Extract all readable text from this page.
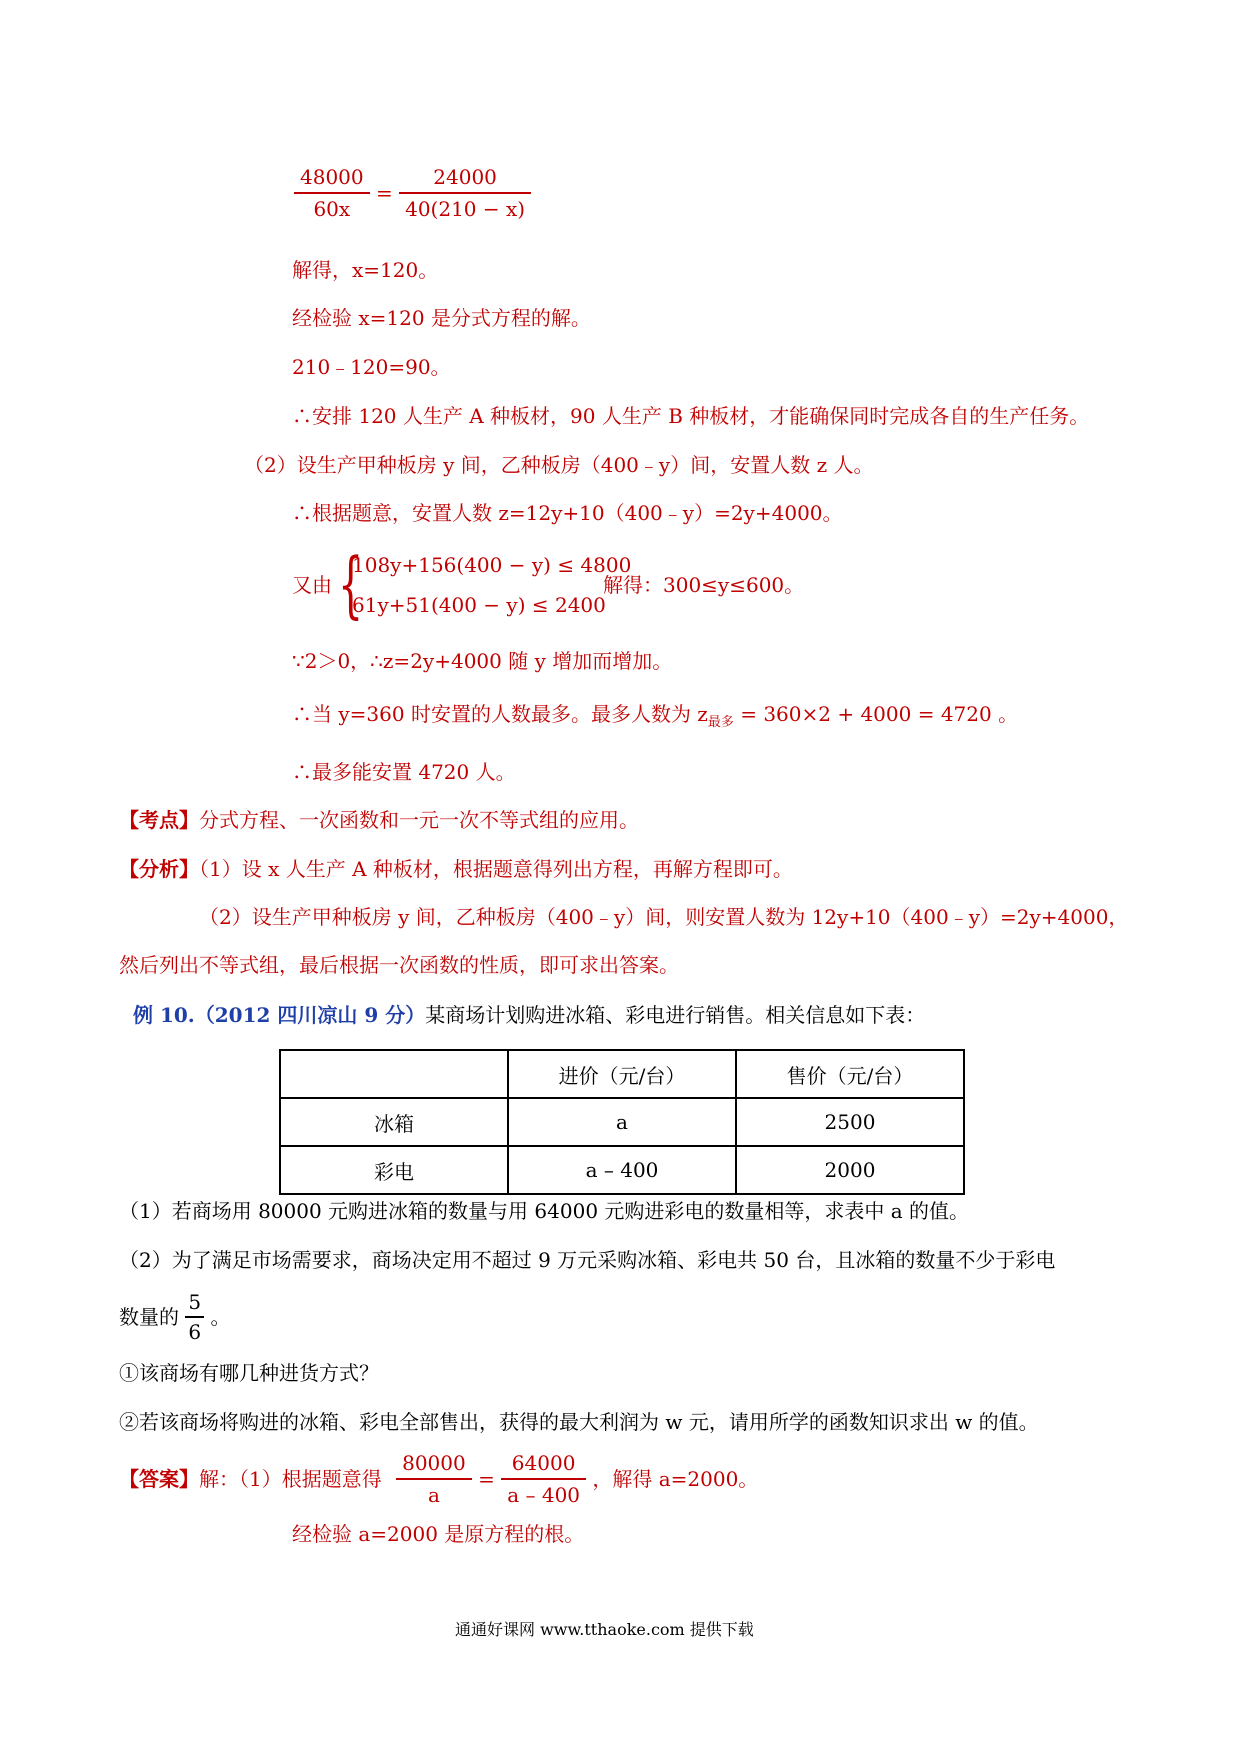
$\frac{48000}{60x} = \frac{24000}{40(210 - x)}$
解得，x=120。
经检验 x=120 是分式方程的解。
210﹣120=90。
∴安排 120 人生产 A 种板材，90 人生产 B 种板材，才能确保同时完成各自的生产任务。
（2）设生产甲种板房 y 间，乙种板房（400﹣y）间，安置人数 z 人。
∴根据题意，安置人数 z=12y+10（400﹣y）=2y+4000。
又由 {
108y+156(400 − y) ≤ 4800
61y+51(400 − y) ≤ 2400
解得：300≤y≤600。
∵2＞0，∴z=2y+4000 随 y 增加而增加。
∴当 y=360 时安置的人数最多。最多人数为 $z_{最多} = 360\times 2 + 4000 = 4720$ 。
∴最多能安置 4720 人。
【考点】分式方程、一次函数和一元一次不等式组的应用。
【分析】（1）设 x 人生产 A 种板材，根据题意得列出方程，再解方程即可。
（2）设生产甲种板房 y 间，乙种板房（400﹣y）间，则安置人数为 12y+10（400﹣y）=2y+4000，
然后列出不等式组，最后根据一次函数的性质，即可求出答案。
例 10.（2012 四川凉山 9 分）某商场计划购进冰箱、彩电进行销售。相关信息如下表：
	进价（元/台）	售价（元/台）
冰箱	a	2500
彩电	a – 400	2000
（1）若商场用 80000 元购进冰箱的数量与用 64000 元购进彩电的数量相等，求表中 a 的值。
（2）为了满足市场需要求，商场决定用不超过 9 万元采购冰箱、彩电共 50 台，且冰箱的数量不少于彩电
数量的 $\frac{5}{6}$ 。
①该商场有哪几种进货方式？
②若该商场将购进的冰箱、彩电全部售出，获得的最大利润为 w 元，请用所学的函数知识求出 w 的值。
【答案】解：（1）根据题意得 $\frac{80000}{a} = \frac{64000}{a - 400}$ ，解得 a=2000。
经检验 a=2000 是原方程的根。
通通好课网 www.tthaoke.com 提供下载
